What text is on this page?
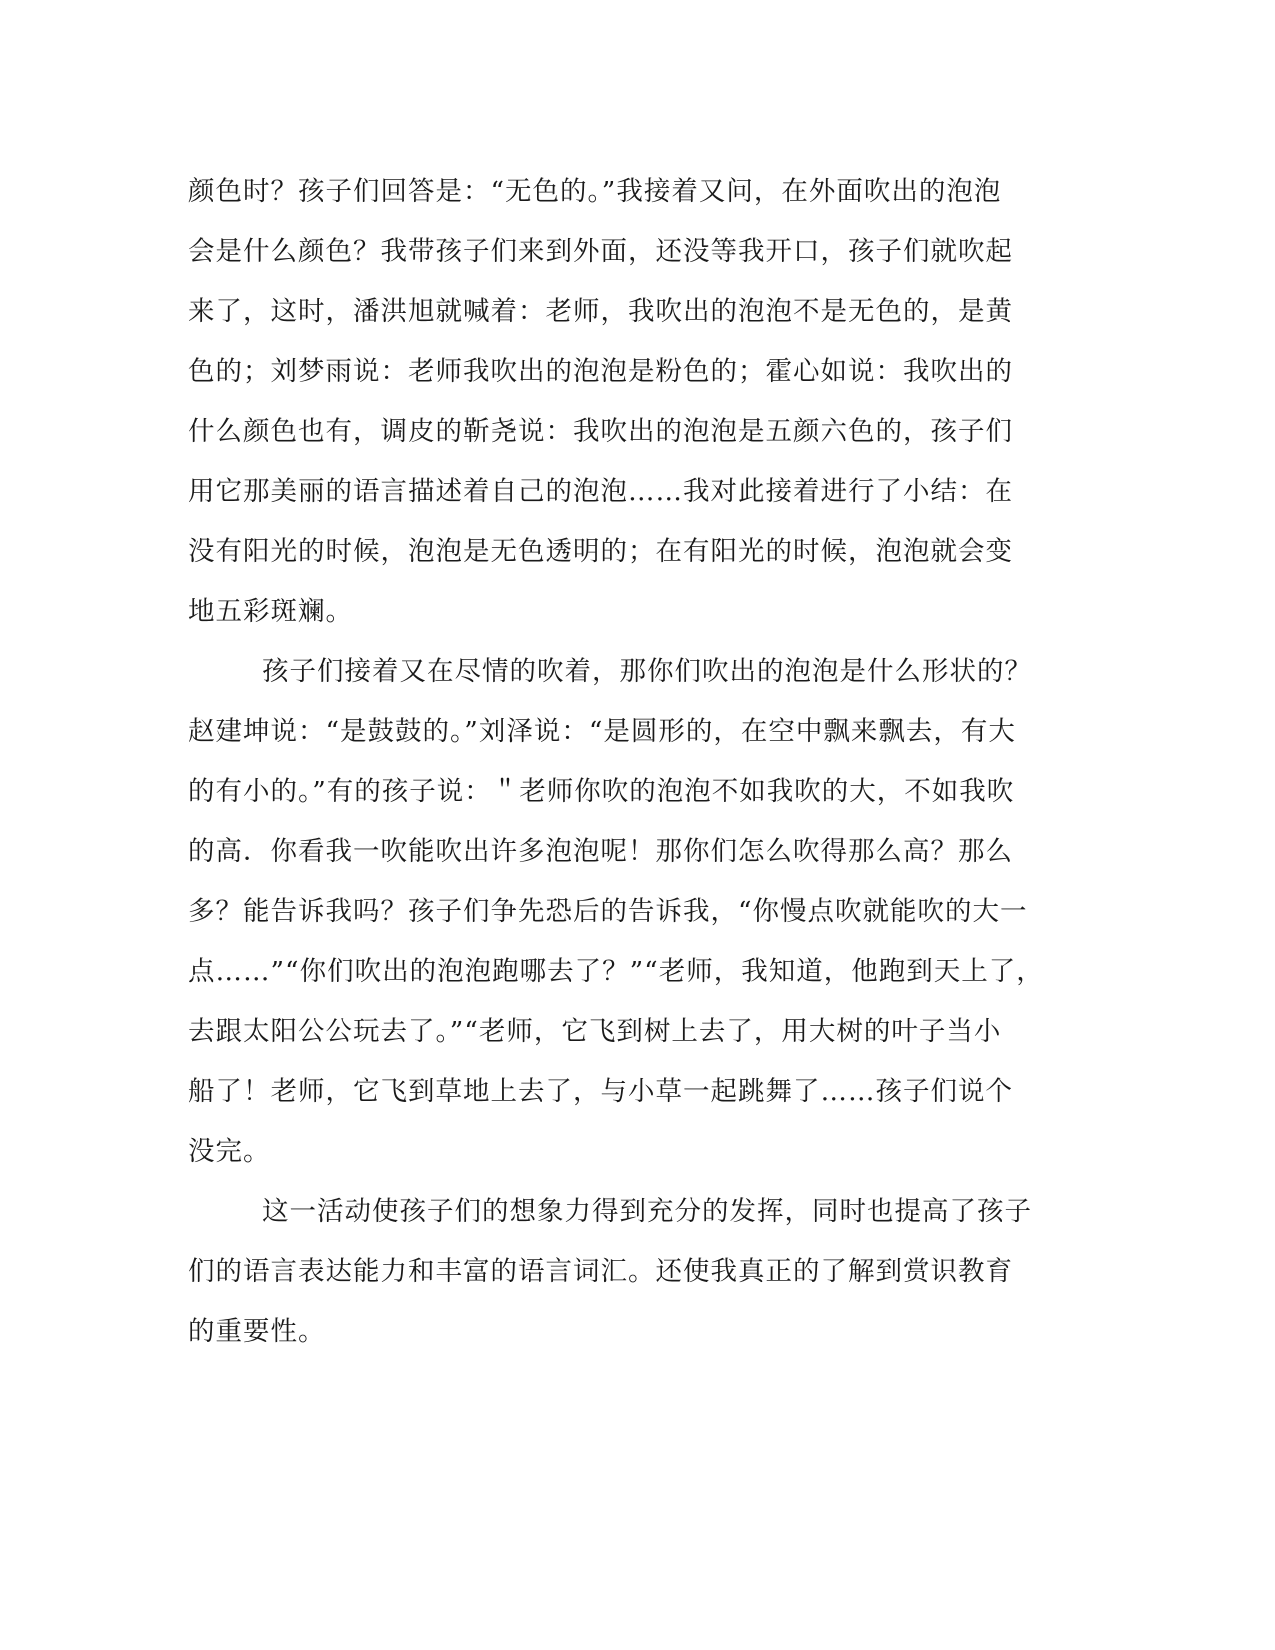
颜色时？孩子们回答是：“无色的。”我接着又问，在外面吹出的泡泡
会是什么颜色？我带孩子们来到外面，还没等我开口，孩子们就吹起
来了，这时，潘洪旭就喊着：老师，我吹出的泡泡不是无色的，是黄
色的；刘梦雨说：老师我吹出的泡泡是粉色的；霍心如说：我吹出的
什么颜色也有，调皮的靳尧说：我吹出的泡泡是五颜六色的，孩子们
用它那美丽的语言描述着自己的泡泡……我对此接着进行了小结：在
没有阳光的时候，泡泡是无色透明的；在有阳光的时候，泡泡就会变
地五彩斑斓。
孩子们接着又在尽情的吹着，那你们吹出的泡泡是什么形状的？
赵建坤说：“是鼓鼓的。”刘泽说：“是圆形的，在空中飘来飘去，有大
的有小的。”有的孩子说：＂老师你吹的泡泡不如我吹的大，不如我吹
的高．你看我一吹能吹出许多泡泡呢！那你们怎么吹得那么高？那么
多？能告诉我吗？孩子们争先恐后的告诉我，“你慢点吹就能吹的大一
点……”“你们吹出的泡泡跑哪去了？”“老师，我知道，他跑到天上了，
去跟太阳公公玩去了。”“老师，它飞到树上去了，用大树的叶子当小
船了！老师，它飞到草地上去了，与小草一起跳舞了……孩子们说个
没完。
这一活动使孩子们的想象力得到充分的发挥，同时也提高了孩子
们的语言表达能力和丰富的语言词汇。还使我真正的了解到赏识教育
的重要性。
